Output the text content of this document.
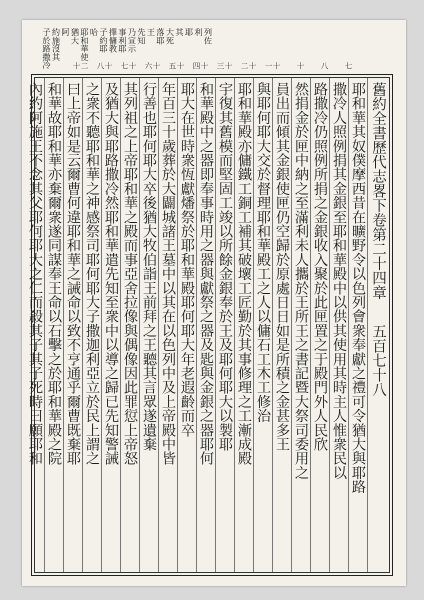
子於路撒冷 約施沒其 阿 猶大 耶和華使 哈 子約耶 擇傭教 事利耶 乃宣示 先知 王 落耶 大死 其 耶 利 列佐
七
八
十
十一
十二
十三
十四
十五
十六
十七
十八
二十
舊約全書歷代志畧下卷第二十四章五百七十八
耶和華其奴僕摩西昔在曠野令以色列會衆奉獻之禮可令猶大與耶路
撒冷人照例捐其金銀至耶和華殿中以供其使用其時主人惟衆民以
路撒冷仍照例所捐之金銀收入聚於此匣置之于殿門外人民欣
然捐金於匣中納之至滿利未人攜於王所王之書記暨大祭司委用之
員出而傾其金銀使匣仍空歸於原處日日如是所積之金甚多王
與耶何耶大交於督理耶和華殿工之人以傭石工木工修治
耶和華殿亦傭鐵工銅工補其破壞工匠勤於其事修理之工漸成殿
宇復其舊模而堅固工竣以所餘金銀奉於王及耶何耶大以製耶
和華殿中之器即奉事時用之器與獻祭之器及匙與金銀之器耶何
耶大在世時衆恆獻燔祭於耶和華殿耶何耶大年老遐齡而卒
年百三十歲葬於大闢城諸王墓中以其在以色列中及上帝殿中皆
行善也耶何耶大卒後猶大牧伯詣王前拜之王聽其言眾遂遺棄
其列祖之上帝耶和華之殿而事亞舍拉像與偶像因此罪愆上帝怒
及猶大與耶路撒冷然耶和華遣先知至衆中以導之歸已先知警誡
之衆不聽耶和華之神感祭司耶何耶大子撒迦利亞立於民上謂之
曰上帝如是云爾曹何違耶和華之誡命以致不亨通乎爾曹既棄耶
和華故耶和華亦棄爾衆遂同謀奉王命以石擊之於耶和華殿之院
內約阿施王不念其父耶何耶大之仁而殺其子其子死時曰願耶和
